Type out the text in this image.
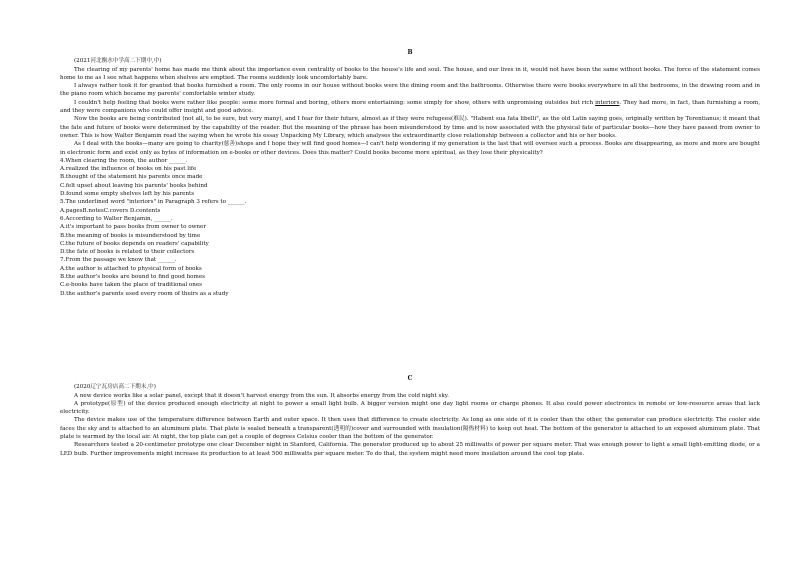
B
(2021河北衡水中学高二下期中,中)

The clearing of my parents' home has made me think about the importance even centrality of books to the house's life and soul. The house, and our lives in it, would not have been the same without books. The force of the statement comes home to me as I see what happens when shelves are emptied. The rooms suddenly look uncomfortably bare.

I always rather took it for granted that books furnished a room. The only rooms in our house without books were the dining room and the bathrooms. Otherwise there were books everywhere in all the bedrooms, in the drawing room and in the piano room which became my parents' comfortable winter study.

I couldn't help feeling that books were rather like people: some more formal and boring, others more entertaining: some simply for show, others with unpromising outsides but rich interiors. They had more, in fact, than furnishing a room, and they were companions who could offer insight and good advice.

Now the books are being contributed (not all, to be sure, but very many), and I fear for their future, almost as if they were refugees(难民). "Habent sua fata libelli", as the old Latin saying goes, originally written by Terentianus; it meant that the fate and future of books were determined by the capability of the reader. But the meaning of the phrase has been misunderstood by time and is now associated with the physical fate of particular books—how they have passed from owner to owner. This is how Walter Benjamin read the saying when he wrote his essay Unpacking My Library, which analyses the extraordinarily close relationship between a collector and his or her books.

As I deal with the books—many are going to charity(慈善)shops and I hope they will find good homes—I can't help wondering if my generation is the last that will oversee such a process. Books are disappearing, as more and more are bought in electronic form and exist only as bytes of information on e-books or other devices. Does this matter? Could books become more spiritual, as they lose their physicality?

4.When clearing the room, the author ______.

A.realized the influence of books on his past life

B.thought of the statement his parents once made

C.felt upset about leaving his parents' books behind

D.found some empty shelves left by his parents

5.The underlined word "interiors" in Paragraph 3 refers to ______.

A.pagesB.notesC.covers D.contents

6.According to Walter Benjamin, ______.

A.it's important to pass books from owner to owner

B.the meaning of books is misunderstood by time

C.the future of books depends on readers' capability

D.the fate of books is related to their collectors

7.From the passage we know that ______.

A.the author is attached to physical form of books

B.the author's books are bound to find good homes

C.e-books have taken the place of traditional ones

D.the author's parents used every room of theirs as a study

C
(2020辽宁瓦房店高二下期末,中)

A new device works like a solar panel, except that it doesn't harvest energy from the sun. It absorbs energy from the cold night sky.

A prototype(原型) of the device produced enough electricity at night to power a small light bulb. A bigger version might one day light rooms or charge phones. It also could power electronics in remote or low-resource areas that lack electricity.

The device makes use of the temperature difference between Earth and outer space. It then uses that difference to create electricity. As long as one side of it is cooler than the other, the generator can produce electricity. The cooler side faces the sky and is attached to an aluminum plate. That plate is sealed beneath a transparent(透明的)cover and surrounded with insulation(隔热材料) to keep out heat. The bottom of the generator is attached to an exposed aluminum plate. That plate is warmed by the local air. At night, the top plate can get a couple of degrees Celsius cooler than the bottom of the generator.

Researchers tested a 20-centimeter prototype one clear December night in Stanford, California. The generator produced up to about 25 milliwatts of power per square meter. That was enough power to light a small light-emitting diode, or a LED bulb. Further improvements might increase its production to at least 500 milliwatts per square meter. To do that, the system might need more insulation around the cool top plate.
